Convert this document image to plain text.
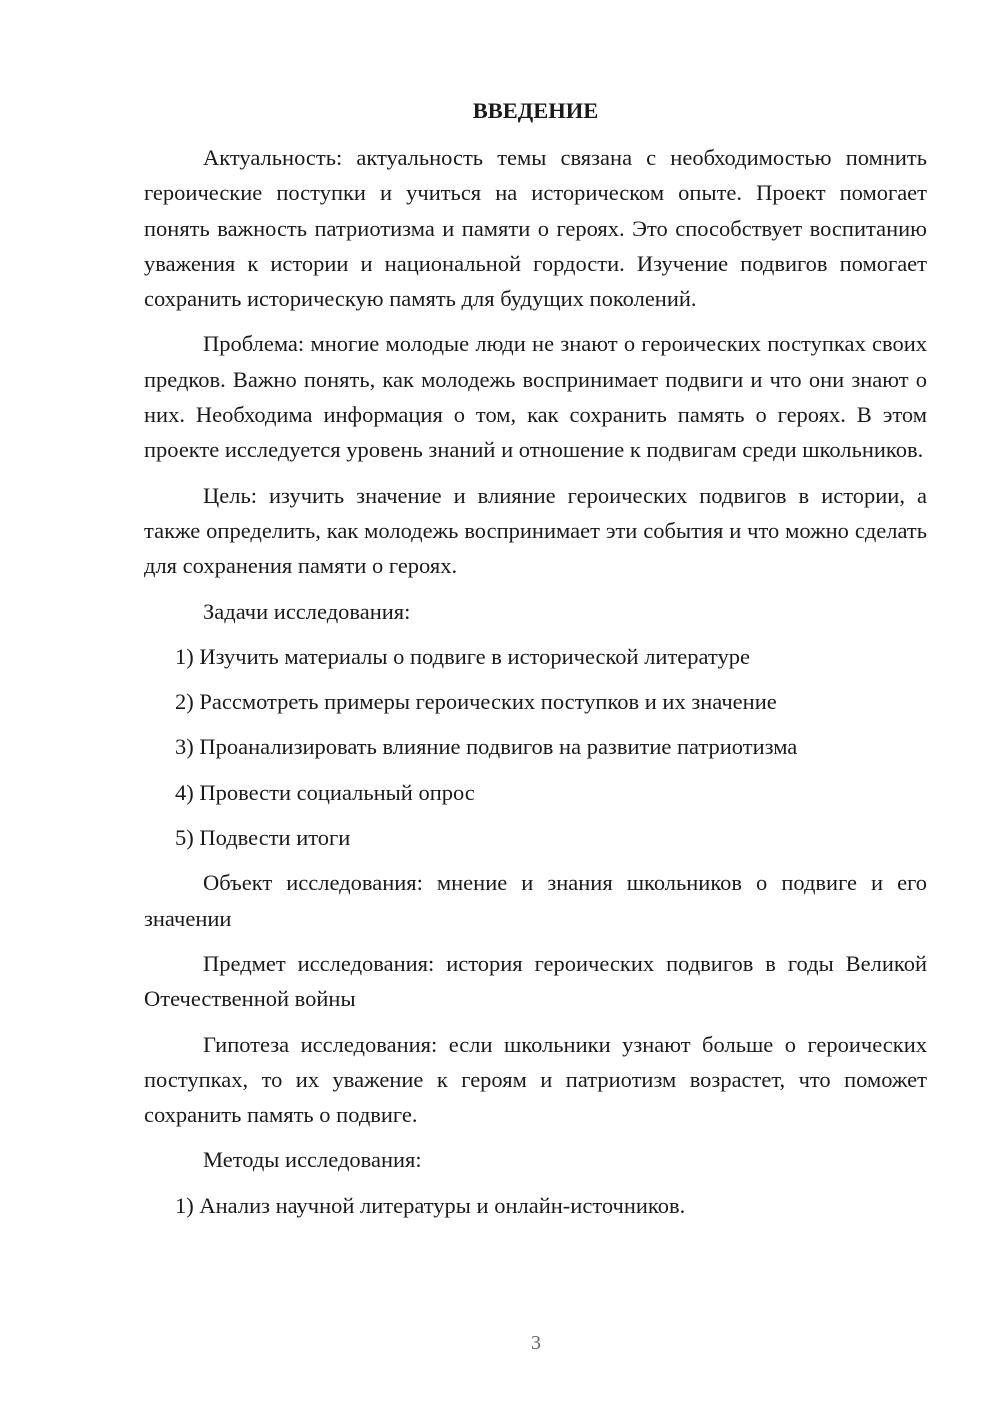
ВВЕДЕНИЕ
Актуальность: актуальность темы связана с необходимостью помнить героические поступки и учиться на историческом опыте. Проект помогает понять важность патриотизма и памяти о героях. Это способствует воспитанию уважения к истории и национальной гордости. Изучение подвигов помогает сохранить историческую память для будущих поколений.
Проблема: многие молодые люди не знают о героических поступках своих предков. Важно понять, как молодежь воспринимает подвиги и что они знают о них. Необходима информация о том, как сохранить память о героях. В этом проекте исследуется уровень знаний и отношение к подвигам среди школьников.
Цель: изучить значение и влияние героических подвигов в истории, а также определить, как молодежь воспринимает эти события и что можно сделать для сохранения памяти о героях.
Задачи исследования:
1) Изучить материалы о подвиге в исторической литературе
2) Рассмотреть примеры героических поступков и их значение
3) Проанализировать влияние подвигов на развитие патриотизма
4) Провести социальный опрос
5) Подвести итоги
Объект исследования: мнение и знания школьников о подвиге и его значении
Предмет исследования: история героических подвигов в годы Великой Отечественной войны
Гипотеза исследования: если школьники узнают больше о героических поступках, то их уважение к героям и патриотизм возрастет, что поможет сохранить память о подвиге.
Методы исследования:
1) Анализ научной литературы и онлайн-источников.
3
